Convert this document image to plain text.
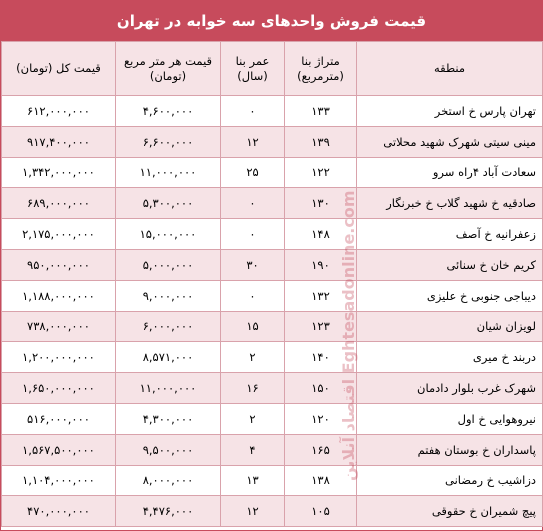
قیمت فروش واحدهای سه خوابه در تهران
منطقه	متراژ بنا (مترمربع)	عمر بنا (سال)	قیمت هر متر مربع (تومان)	قیمت کل (تومان)
تهران پارس خ استخر	۱۳۳	۰	۴,۶۰۰,۰۰۰	۶۱۲,۰۰۰,۰۰۰
مینی سیتی شهرک شهید محلاتی	۱۳۹	۱۲	۶,۶۰۰,۰۰۰	۹۱۷,۴۰۰,۰۰۰
سعادت آباد ۴راه سرو	۱۲۲	۲۵	۱۱,۰۰۰,۰۰۰	۱,۳۴۲,۰۰۰,۰۰۰
صادقیه خ شهید گلاب خ خبرنگار	۱۳۰	۰	۵,۳۰۰,۰۰۰	۶۸۹,۰۰۰,۰۰۰
زعفرانیه خ آصف	۱۴۸	۰	۱۵,۰۰۰,۰۰۰	۲,۱۷۵,۰۰۰,۰۰۰
کریم خان خ سنائی	۱۹۰	۳۰	۵,۰۰۰,۰۰۰	۹۵۰,۰۰۰,۰۰۰
دیباجی جنوبی خ علیزی	۱۳۲	۰	۹,۰۰۰,۰۰۰	۱,۱۸۸,۰۰۰,۰۰۰
لویزان شیان	۱۲۳	۱۵	۶,۰۰۰,۰۰۰	۷۳۸,۰۰۰,۰۰۰
دربند خ میری	۱۴۰	۲	۸,۵۷۱,۰۰۰	۱,۲۰۰,۰۰۰,۰۰۰
شهرک غرب بلوار دادمان	۱۵۰	۱۶	۱۱,۰۰۰,۰۰۰	۱,۶۵۰,۰۰۰,۰۰۰
نیروهوایی خ اول	۱۲۰	۲	۴,۳۰۰,۰۰۰	۵۱۶,۰۰۰,۰۰۰
پاسداران خ بوستان هفتم	۱۶۵	۴	۹,۵۰۰,۰۰۰	۱,۵۶۷,۵۰۰,۰۰۰
دزاشیب خ رمضانی	۱۳۸	۱۳	۸,۰۰۰,۰۰۰	۱,۱۰۴,۰۰۰,۰۰۰
پیچ شمیران خ حقوقی	۱۰۵	۱۲	۴,۴۷۶,۰۰۰	۴۷۰,۰۰۰,۰۰۰
اقتصاد آنلاین Eghtesadonline.com
